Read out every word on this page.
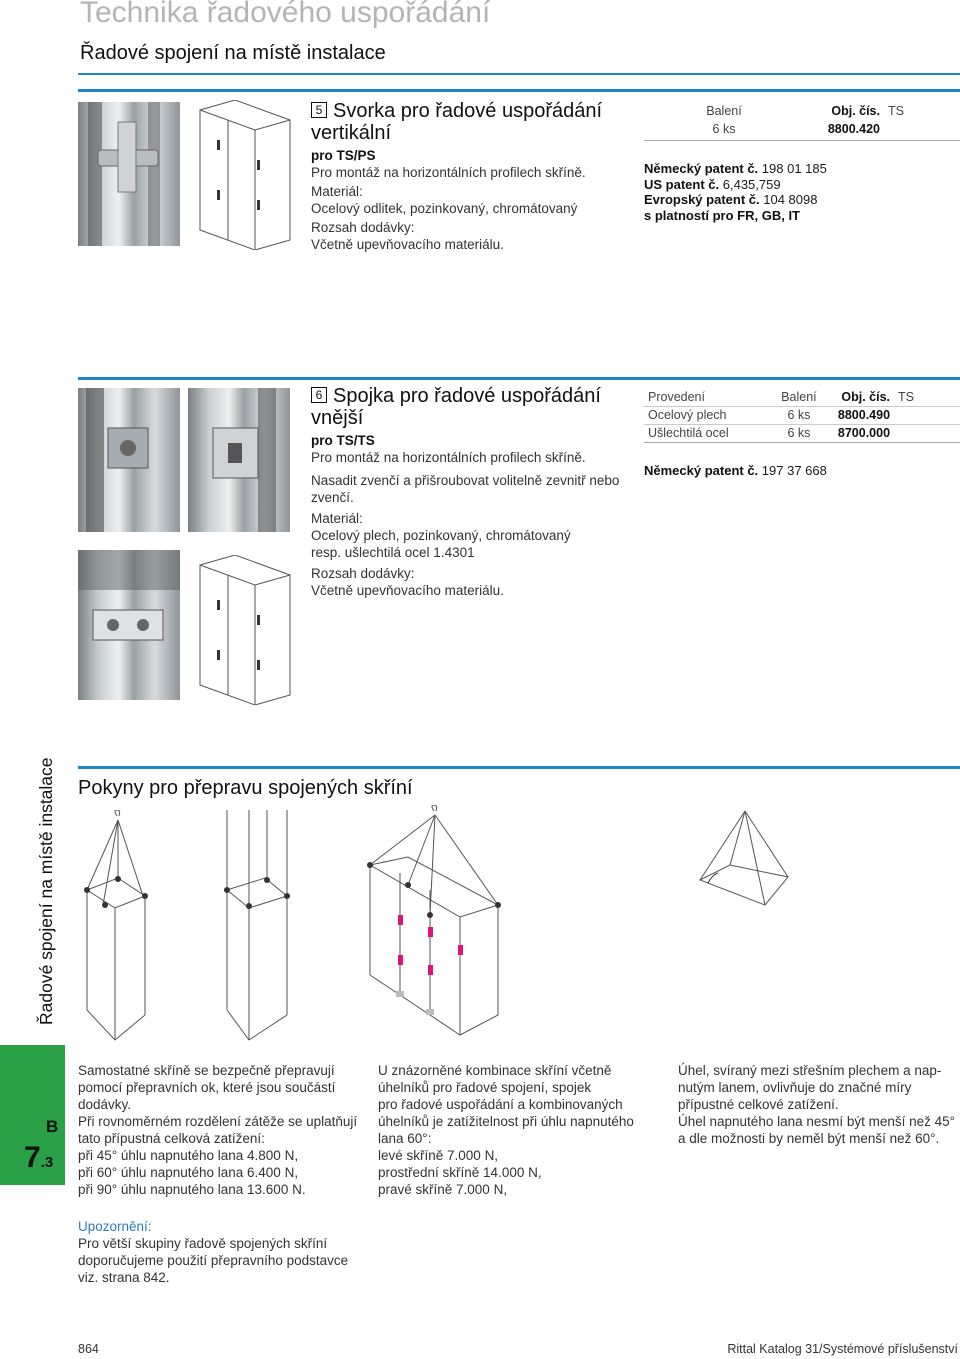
Technika řadového uspořádání
Řadové spojení na místě instalace
5 Svorka pro řadové uspořádání vertikální
pro TS/PS
Pro montáž na horizontálních profilech skříně.
Materiál:
Ocelový odlitek, pozinkovaný, chromátovaný
Rozsah dodávky:
Včetně upevňovacího materiálu.
Balení	Obj. čís.	TS
6 ks	8800.420	
Německý patent č. 198 01 185
US patent č. 6,435,759
Evropský patent č. 104 8098
s platností pro FR, GB, IT
6 Spojka pro řadové uspořádání vnější
pro TS/TS
Pro montáž na horizontálních profilech skříně.
Nasadit zvenčí a přišroubovat volitelně zevnitř nebo zvenčí.
Materiál:
Ocelový plech, pozinkovaný, chromátovaný
resp. ušlechtilá ocel 1.4301
Rozsah dodávky:
Včetně upevňovacího materiálu.
Provedení	Balení	Obj. čís.	TS
Ocelový plech	6 ks	8800.490	
Ušlechtilá ocel	6 ks	8700.000	
Německý patent č. 197 37 668
Pokyny pro přepravu spojených skříní
Řadové spojení na místě instalace
B
7.3
Samostatné skříně se bezpečně přepravují
pomocí přepravních ok, které jsou součástí
dodávky.
Při rovnoměrném rozdělení zátěže se uplatňují
tato přípustná celková zatížení:
při 45° úhlu napnutého lana 4.800 N,
při 60° úhlu napnutého lana 6.400 N,
při 90° úhlu napnutého lana 13.600 N.
U znázorněné kombinace skříní včetně
úhelníků pro řadové spojení, spojek
pro řadové uspořádání a kombinovaných
úhelníků je zatížitelnost při úhlu napnutého
lana 60°:
levé skříně 7.000 N,
prostřední skříně 14.000 N,
pravé skříně 7.000 N,
Úhel, svíraný mezi střešním plechem a nap-
nutým lanem, ovlivňuje do značné míry
přípustné celkové zatížení.
Úhel napnutého lana nesmí být menší než 45°
a dle možnosti by neměl být menší než 60°.
Upozornění:
Pro větší skupiny řadově spojených skříní
doporučujeme použití přepravního podstavce
viz. strana 842.
864	Rittal Katalog 31/Systémové příslušenství
